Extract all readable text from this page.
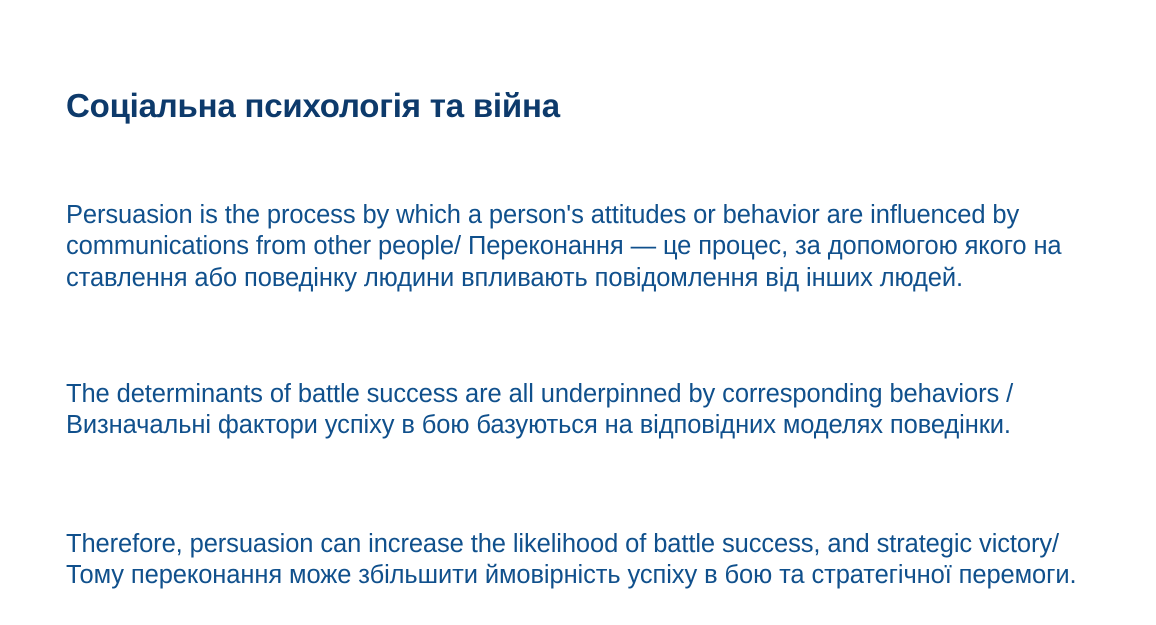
Соціальна психологія та війна

Persuasion is the process by which a person's attitudes or behavior are influenced by communications from other people/ Переконання — це процес, за допомогою якого на ставлення або поведінку людини впливають повідомлення від інших людей.

The determinants of battle success are all underpinned by corresponding behaviors / Визначальні фактори успіху в бою базуються на відповідних моделях поведінки.

Therefore, persuasion can increase the likelihood of battle success, and strategic victory/ Тому переконання може збільшити ймовірність успіху в бою та стратегічної перемоги.
